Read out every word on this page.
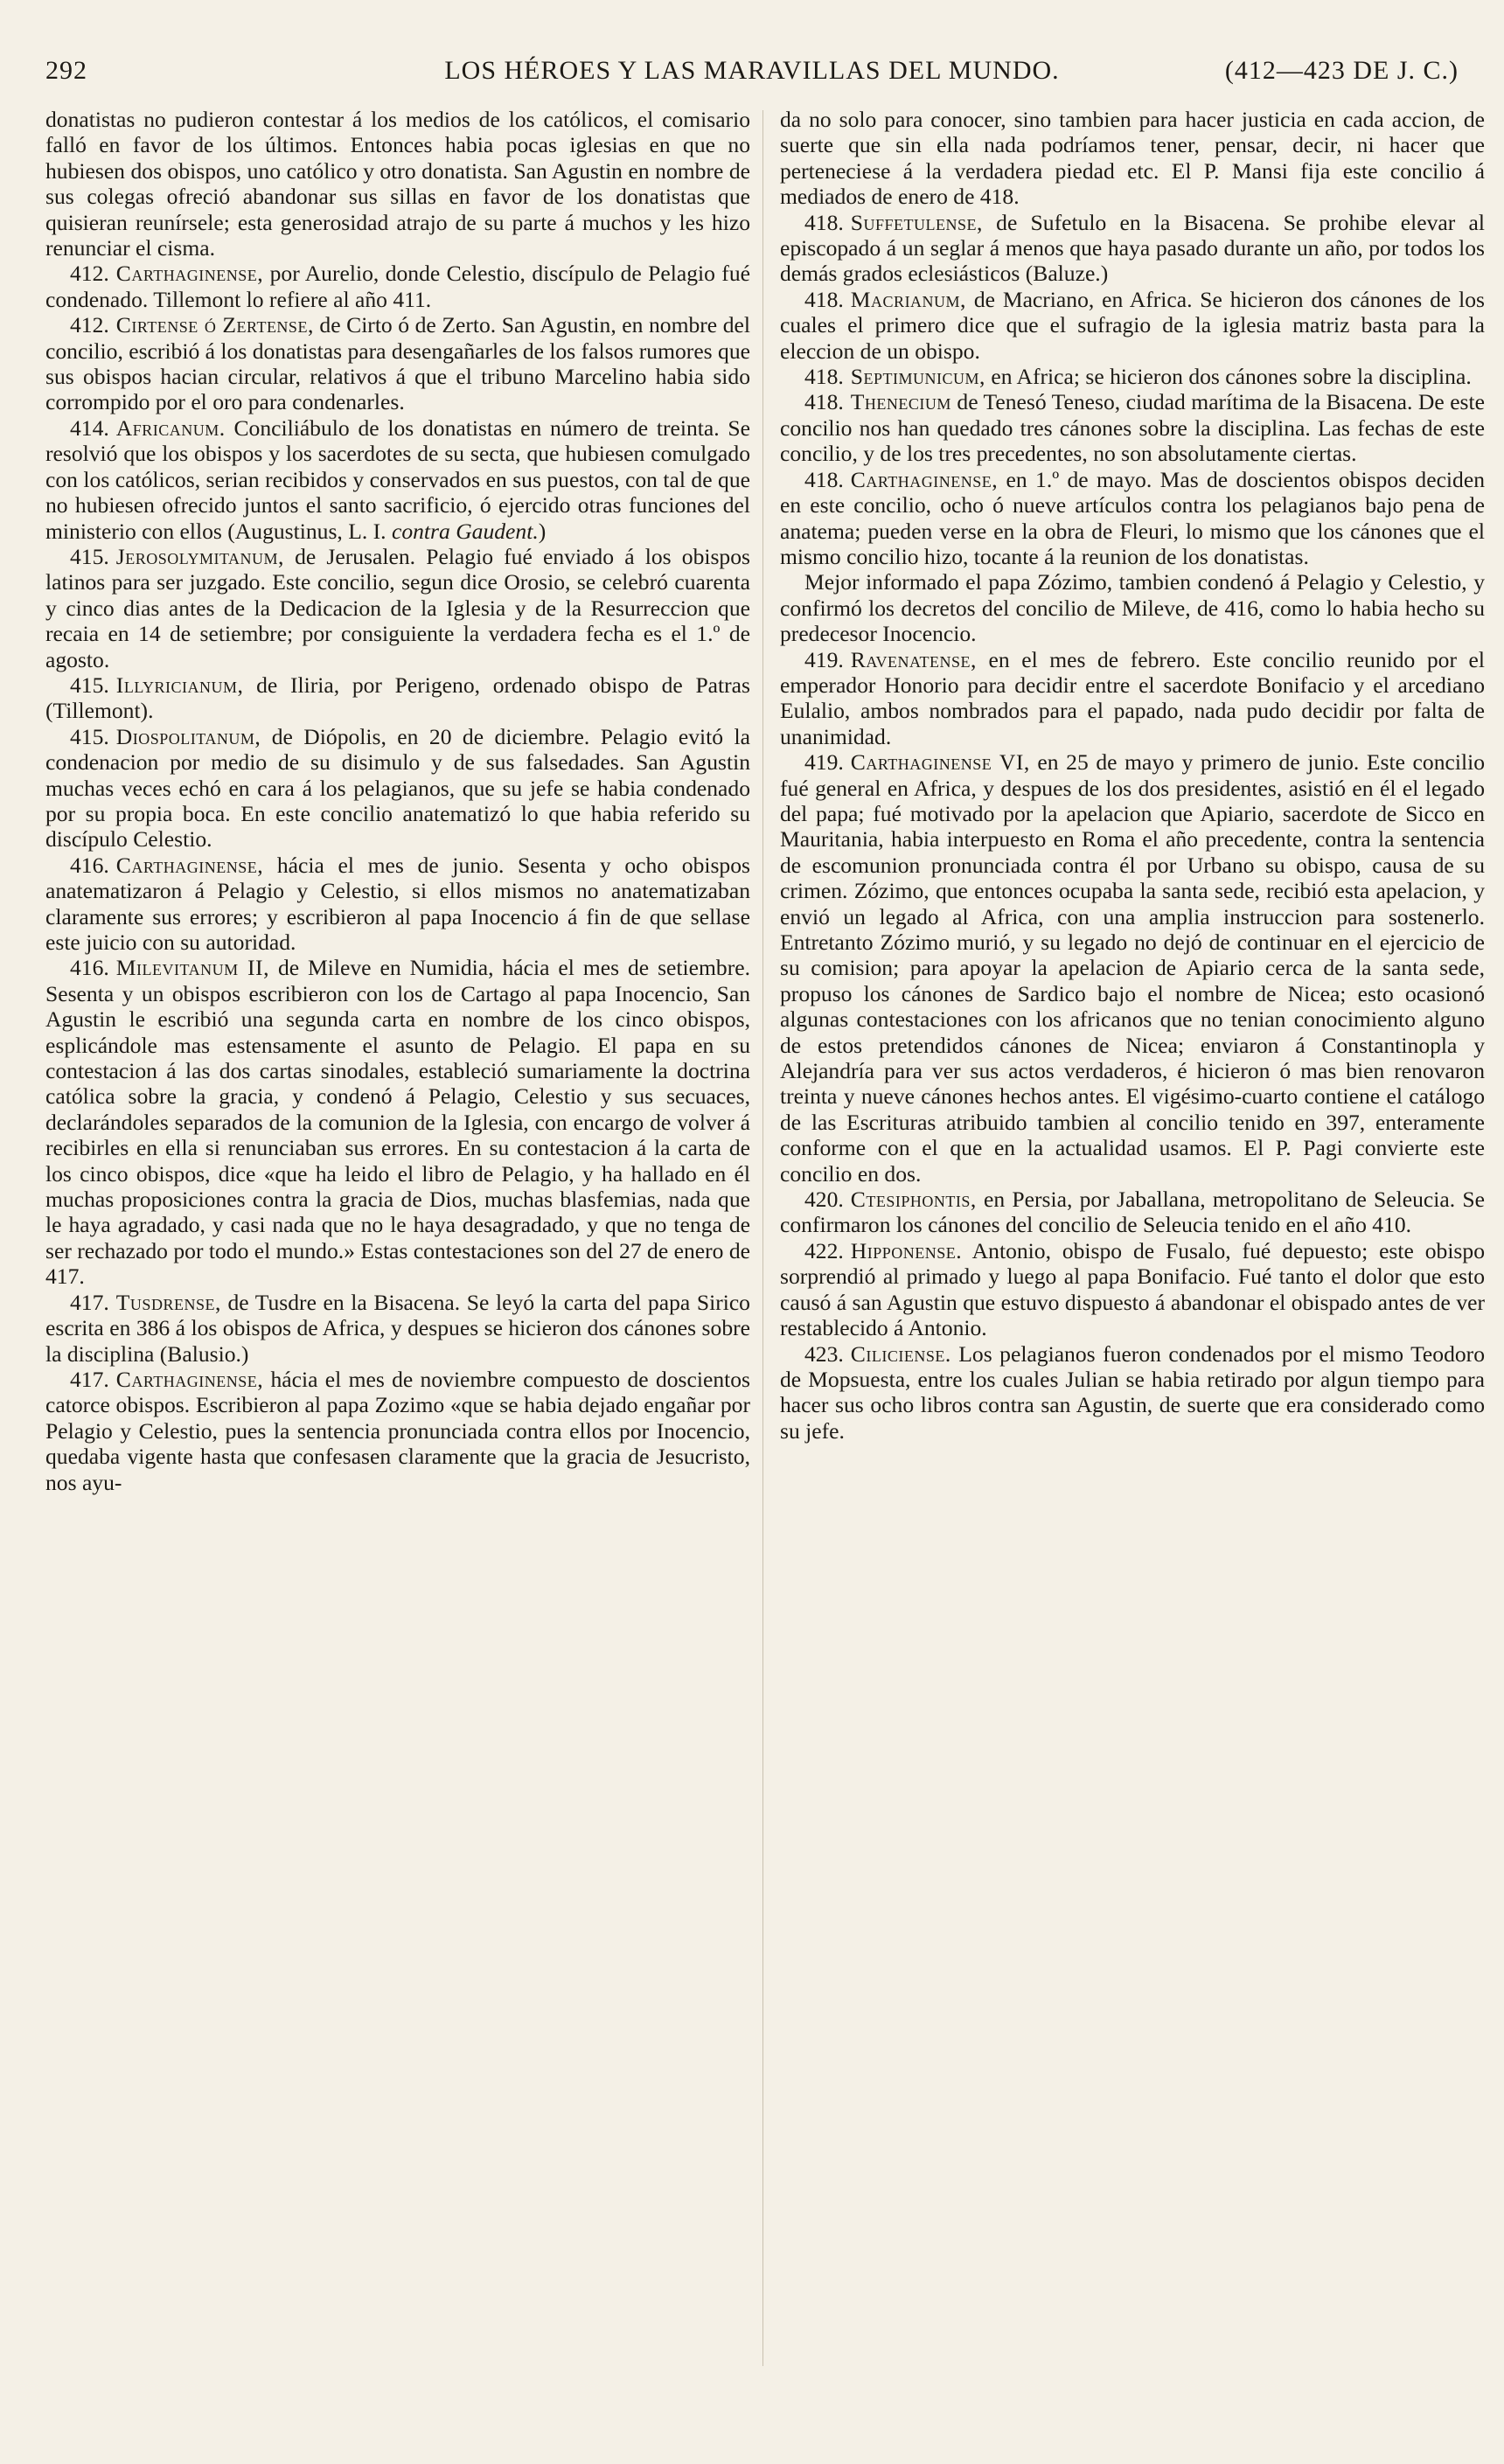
292	LOS HÉROES Y LAS MARAVILLAS DEL MUNDO.	(412—423 DE J. C.)

donatistas no pudieron contestar á los medios de los católicos, el comisario falló en favor de los últimos. Entonces habia pocas iglesias en que no hubiesen dos obispos, uno católico y otro donatista. San Agustin en nombre de sus colegas ofreció abandonar sus sillas en favor de los donatistas que quisieran reunírsele; esta generosidad atrajo de su parte á muchos y les hizo renunciar el cisma.

412. Carthaginense, por Aurelio, donde Celestio, discípulo de Pelagio fué condenado. Tillemont lo refiere al año 411.

412. Cirtense ó Zertense, de Cirto ó de Zerto. San Agustin, en nombre del concilio, escribió á los donatistas para desengañarles de los falsos rumores que sus obispos hacian circular, relativos á que el tribuno Marcelino habia sido corrompido por el oro para condenarles.

414. Africanum. Conciliábulo de los donatistas en número de treinta. Se resolvió que los obispos y los sacerdotes de su secta, que hubiesen comulgado con los católicos, serian recibidos y conservados en sus puestos, con tal de que no hubiesen ofrecido juntos el santo sacrificio, ó ejercido otras funciones del ministerio con ellos (Augustinus, L. I. contra Gaudent.)

415. Jerosolymitanum, de Jerusalen. Pelagio fué enviado á los obispos latinos para ser juzgado. Este concilio, segun dice Orosio, se celebró cuarenta y cinco dias antes de la Dedicacion de la Iglesia y de la Resurreccion que recaia en 14 de setiembre; por consiguiente la verdadera fecha es el 1.º de agosto.

415. Illyricianum, de Iliria, por Perigeno, ordenado obispo de Patras (Tillemont).

415. Diospolitanum, de Diópolis, en 20 de diciembre. Pelagio evitó la condenacion por medio de su disimulo y de sus falsedades. San Agustin muchas veces echó en cara á los pelagianos, que su jefe se habia condenado por su propia boca. En este concilio anatematizó lo que habia referido su discípulo Celestio.

416. Carthaginense, hácia el mes de junio. Sesenta y ocho obispos anatematizaron á Pelagio y Celestio, si ellos mismos no anatematizaban claramente sus errores; y escribieron al papa Inocencio á fin de que sellase este juicio con su autoridad.

416. Milevitanum II, de Mileve en Numidia, hácia el mes de setiembre. Sesenta y un obispos escribieron con los de Cartago al papa Inocencio, San Agustin le escribió una segunda carta en nombre de los cinco obispos, esplicándole mas estensamente el asunto de Pelagio. El papa en su contestacion á las dos cartas sinodales, estableció sumariamente la doctrina católica sobre la gracia, y condenó á Pelagio, Celestio y sus secuaces, declarándoles separados de la comunion de la Iglesia, con encargo de volver á recibirles en ella si renunciaban sus errores. En su contestacion á la carta de los cinco obispos, dice «que ha leido el libro de Pelagio, y ha hallado en él muchas proposiciones contra la gracia de Dios, muchas blasfemias, nada que le haya agradado, y casi nada que no le haya desagradado, y que no tenga de ser rechazado por todo el mundo.» Estas contestaciones son del 27 de enero de 417.

417. Tusdrense, de Tusdre en la Bisacena. Se leyó la carta del papa Sirico escrita en 386 á los obispos de Africa, y despues se hicieron dos cánones sobre la disciplina (Balusio.)

417. Carthaginense, hácia el mes de noviembre compuesto de doscientos catorce obispos. Escribieron al papa Zozimo «que se habia dejado engañar por Pelagio y Celestio, pues la sentencia pronunciada contra ellos por Inocencio, quedaba vigente hasta que confesasen claramente que la gracia de Jesucristo, nos ayu-

da no solo para conocer, sino tambien para hacer justicia en cada accion, de suerte que sin ella nada podríamos tener, pensar, decir, ni hacer que perteneciese á la verdadera piedad etc. El P. Mansi fija este concilio á mediados de enero de 418.

418. Suffetulense, de Sufetulo en la Bisacena. Se prohibe elevar al episcopado á un seglar á menos que haya pasado durante un año, por todos los demás grados eclesiásticos (Baluze.)

418. Macrianum, de Macriano, en Africa. Se hicieron dos cánones de los cuales el primero dice que el sufragio de la iglesia matriz basta para la eleccion de un obispo.

418. Septimunicum, en Africa; se hicieron dos cánones sobre la disciplina.

418. Thenecium de Tenesó Teneso, ciudad marítima de la Bisacena. De este concilio nos han quedado tres cánones sobre la disciplina. Las fechas de este concilio, y de los tres precedentes, no son absolutamente ciertas.

418. Carthaginense, en 1.º de mayo. Mas de doscientos obispos deciden en este concilio, ocho ó nueve artículos contra los pelagianos bajo pena de anatema; pueden verse en la obra de Fleuri, lo mismo que los cánones que el mismo concilio hizo, tocante á la reunion de los donatistas.

Mejor informado el papa Zózimo, tambien condenó á Pelagio y Celestio, y confirmó los decretos del concilio de Mileve, de 416, como lo habia hecho su predecesor Inocencio.

419. Ravenatense, en el mes de febrero. Este concilio reunido por el emperador Honorio para decidir entre el sacerdote Bonifacio y el arcediano Eulalio, ambos nombrados para el papado, nada pudo decidir por falta de unanimidad.

419. Carthaginense VI, en 25 de mayo y primero de junio. Este concilio fué general en Africa, y despues de los dos presidentes, asistió en él el legado del papa; fué motivado por la apelacion que Apiario, sacerdote de Sicco en Mauritania, habia interpuesto en Roma el año precedente, contra la sentencia de escomunion pronunciada contra él por Urbano su obispo, causa de su crimen. Zózimo, que entonces ocupaba la santa sede, recibió esta apelacion, y envió un legado al Africa, con una amplia instruccion para sostenerlo. Entretanto Zózimo murió, y su legado no dejó de continuar en el ejercicio de su comision; para apoyar la apelacion de Apiario cerca de la santa sede, propuso los cánones de Sardico bajo el nombre de Nicea; esto ocasionó algunas contestaciones con los africanos que no tenian conocimiento alguno de estos pretendidos cánones de Nicea; enviaron á Constantinopla y Alejandría para ver sus actos verdaderos, é hicieron ó mas bien renovaron treinta y nueve cánones hechos antes. El vigésimo-cuarto contiene el catálogo de las Escrituras atribuido tambien al concilio tenido en 397, enteramente conforme con el que en la actualidad usamos. El P. Pagi convierte este concilio en dos.

420. Ctesiphontis, en Persia, por Jaballana, metropolitano de Seleucia. Se confirmaron los cánones del concilio de Seleucia tenido en el año 410.

422. Hipponense. Antonio, obispo de Fusalo, fué depuesto; este obispo sorprendió al primado y luego al papa Bonifacio. Fué tanto el dolor que esto causó á san Agustin que estuvo dispuesto á abandonar el obispado antes de ver restablecido á Antonio.

423. Ciliciense. Los pelagianos fueron condenados por el mismo Teodoro de Mopsuesta, entre los cuales Julian se habia retirado por algun tiempo para hacer sus ocho libros contra san Agustin, de suerte que era considerado como su jefe.
